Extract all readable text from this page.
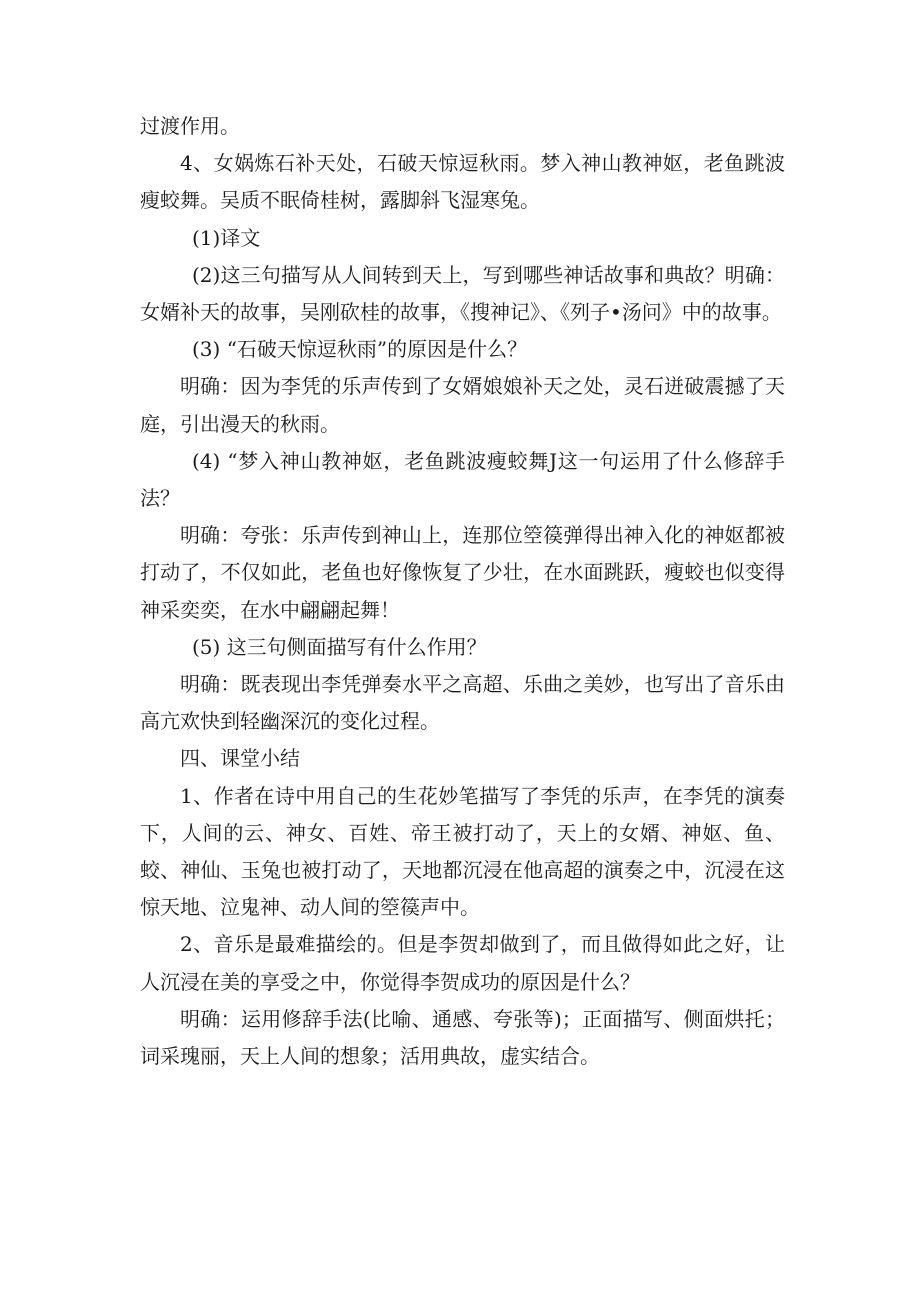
过渡作用。

4、女娲炼石补天处，石破天惊逗秋雨。梦入神山教神妪，老鱼跳波瘦蛟舞。吴质不眠倚桂树，露脚斜飞湿寒兔。

(1)译文

(2)这三句描写从人间转到天上，写到哪些神话故事和典故？明确：女婿补天的故事，吴刚砍桂的故事，《搜神记》、《列子•汤问》中的故事。

(3) “石破天惊逗秋雨”的原因是什么？

明确：因为李凭的乐声传到了女婿娘娘补天之处，灵石迸破震撼了天庭，引出漫天的秋雨。

(4) “梦入神山教神妪，老鱼跳波瘦蛟舞J这一句运用了什么修辞手法？

明确：夸张：乐声传到神山上，连那位箜篌弹得出神入化的神妪都被打动了，不仅如此，老鱼也好像恢复了少壮，在水面跳跃，瘦蛟也似变得神采奕奕，在水中翩翩起舞！

(5) 这三句侧面描写有什么作用？

明确：既表现出李凭弹奏水平之高超、乐曲之美妙，也写出了音乐由高亢欢快到轻幽深沉的变化过程。

四、课堂小结

1、作者在诗中用自己的生花妙笔描写了李凭的乐声，在李凭的演奏下，人间的云、神女、百姓、帝王被打动了，天上的女婿、神妪、鱼、蛟、神仙、玉兔也被打动了，天地都沉浸在他高超的演奏之中，沉浸在这惊天地、泣鬼神、动人间的箜篌声中。

2、音乐是最难描绘的。但是李贺却做到了，而且做得如此之好，让人沉浸在美的享受之中，你觉得李贺成功的原因是什么？

明确：运用修辞手法(比喻、通感、夸张等)；正面描写、侧面烘托；词采瑰丽，天上人间的想象；活用典故，虚实结合。
